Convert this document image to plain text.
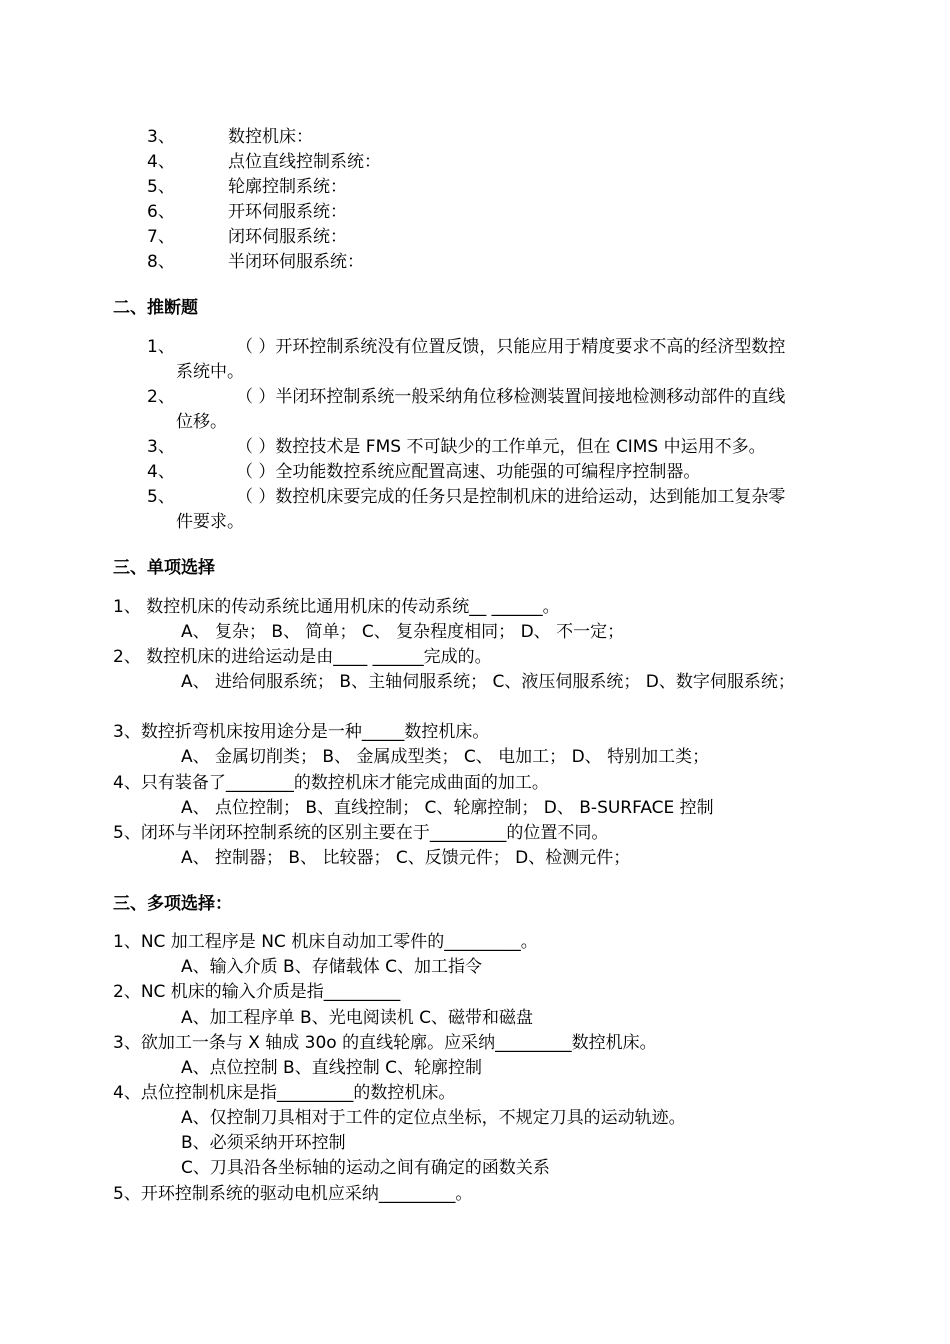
3、	数控机床：
4、	点位直线控制系统：
5、	轮廓控制系统：
6、	开环伺服系统：
7、	闭环伺服系统：
8、	半闭环伺服系统：
二、推断题
1、	（ ）开环控制系统没有位置反馈，只能应用于精度要求不高的经济型数控
系统中。
2、	（ ）半闭环控制系统一般采纳角位移检测装置间接地检测移动部件的直线
位移。
3、	（ ）数控技术是 FMS 不可缺少的工作单元，但在 CIMS 中运用不多。
4、	（ ）全功能数控系统应配置高速、功能强的可编程序控制器。
5、	（ ）数控机床要完成的任务只是控制机床的进给运动，达到能加工复杂零
件要求。
三、单项选择
1、 数控机床的传动系统比通用机床的传动系统__ ______。
A、 复杂； B、 简单； C、 复杂程度相同； D、 不一定；
2、 数控机床的进给运动是由____ ______完成的。
A、 进给伺服系统； B、主轴伺服系统； C、液压伺服系统； D、数字伺服系统；
3、数控折弯机床按用途分是一种_____数控机床。
A、 金属切削类； B、 金属成型类； C、 电加工； D、 特别加工类；
4、只有装备了________的数控机床才能完成曲面的加工。
A、 点位控制； B、直线控制； C、轮廓控制； D、 B-SURFACE 控制
5、闭环与半闭环控制系统的区别主要在于_________的位置不同。
A、 控制器； B、 比较器； C、反馈元件； D、检测元件；
三、多项选择：
1、NC 加工程序是 NC 机床自动加工零件的_________。
A、输入介质 B、存储载体 C、加工指令
2、NC 机床的输入介质是指_________
A、加工程序单 B、光电阅读机 C、磁带和磁盘
3、欲加工一条与 X 轴成 30o 的直线轮廓。应采纳_________数控机床。
A、点位控制 B、直线控制 C、轮廓控制
4、点位控制机床是指_________的数控机床。
A、仅控制刀具相对于工件的定位点坐标，不规定刀具的运动轨迹。
B、必须采纳开环控制
C、刀具沿各坐标轴的运动之间有确定的函数关系
5、开环控制系统的驱动电机应采纳_________。
